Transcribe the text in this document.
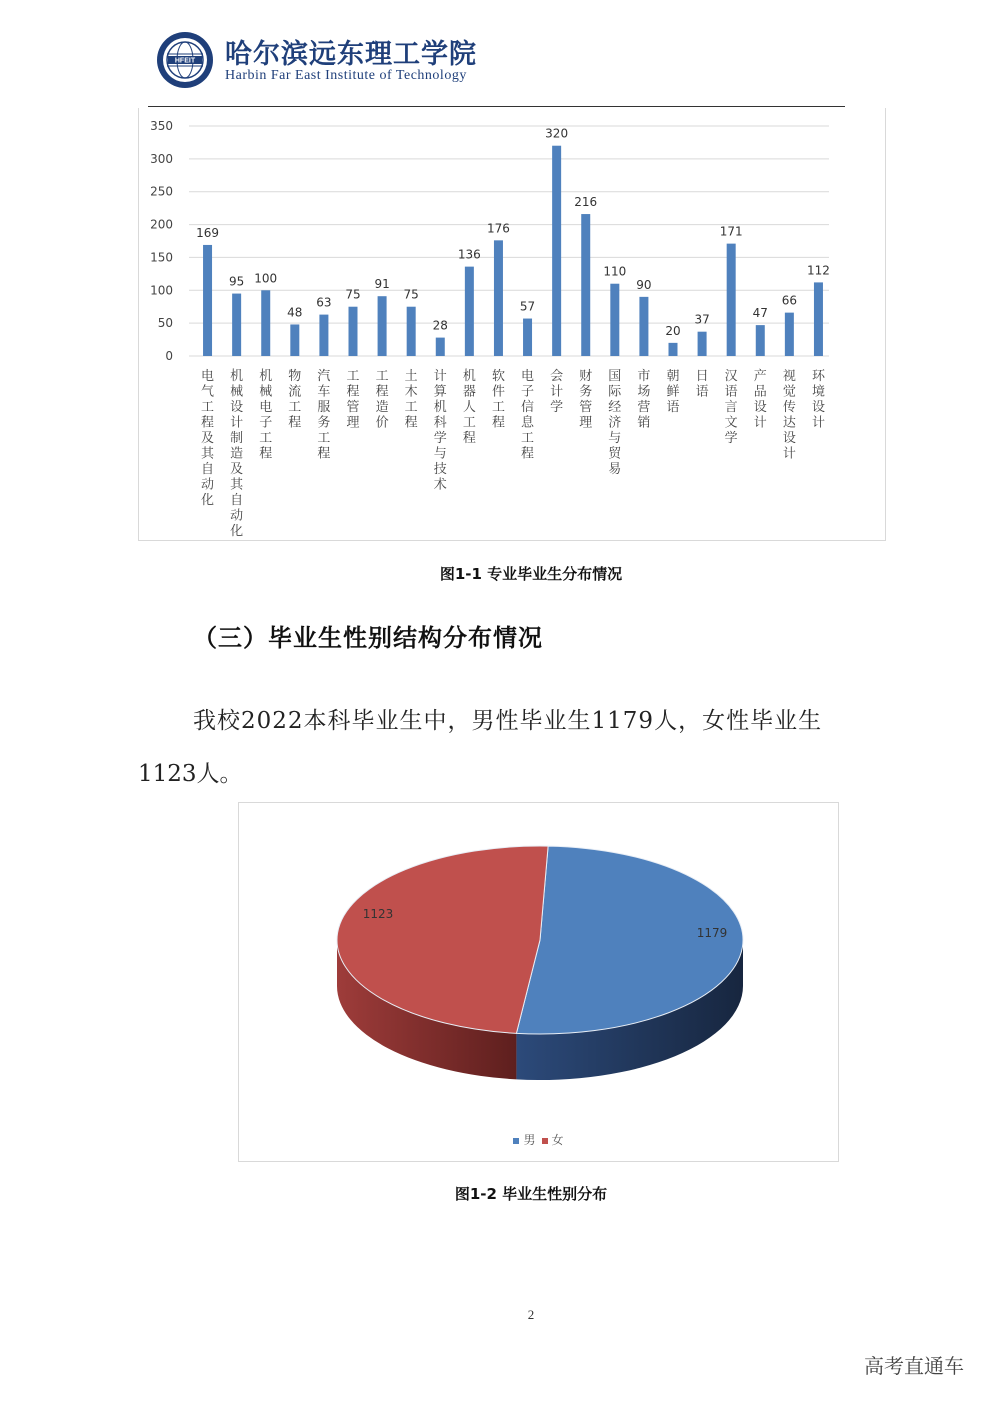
HFEIT 哈尔滨远东理工学院
Harbin Far East Institute of Technology
0
50
100
150
200
250
300
350
169
电气工程及其自动化
95
机械设计制造及其自动化
100
机械电子工程
48
物流工程
63
汽车服务工程
75
工程管理
91
工程造价
75
土木工程
28
计算机科学与技术
136
机器人工程
176
软件工程
57
电子信息工程
320
会计学
216
财务管理
110
国际经济与贸易
90
市场营销
20
朝鲜语
37
日语
171
汉语言文学
47
产品设计
66
视觉传达设计
112
环境设计
图1-1 专业毕业生分布情况
（三）毕业生性别结构分布情况
我校2022本科毕业生中，男性毕业生1179人，女性毕业生
1123人。
1179
1123
男 女
图1-2 毕业生性别分布
2
高考直通车
